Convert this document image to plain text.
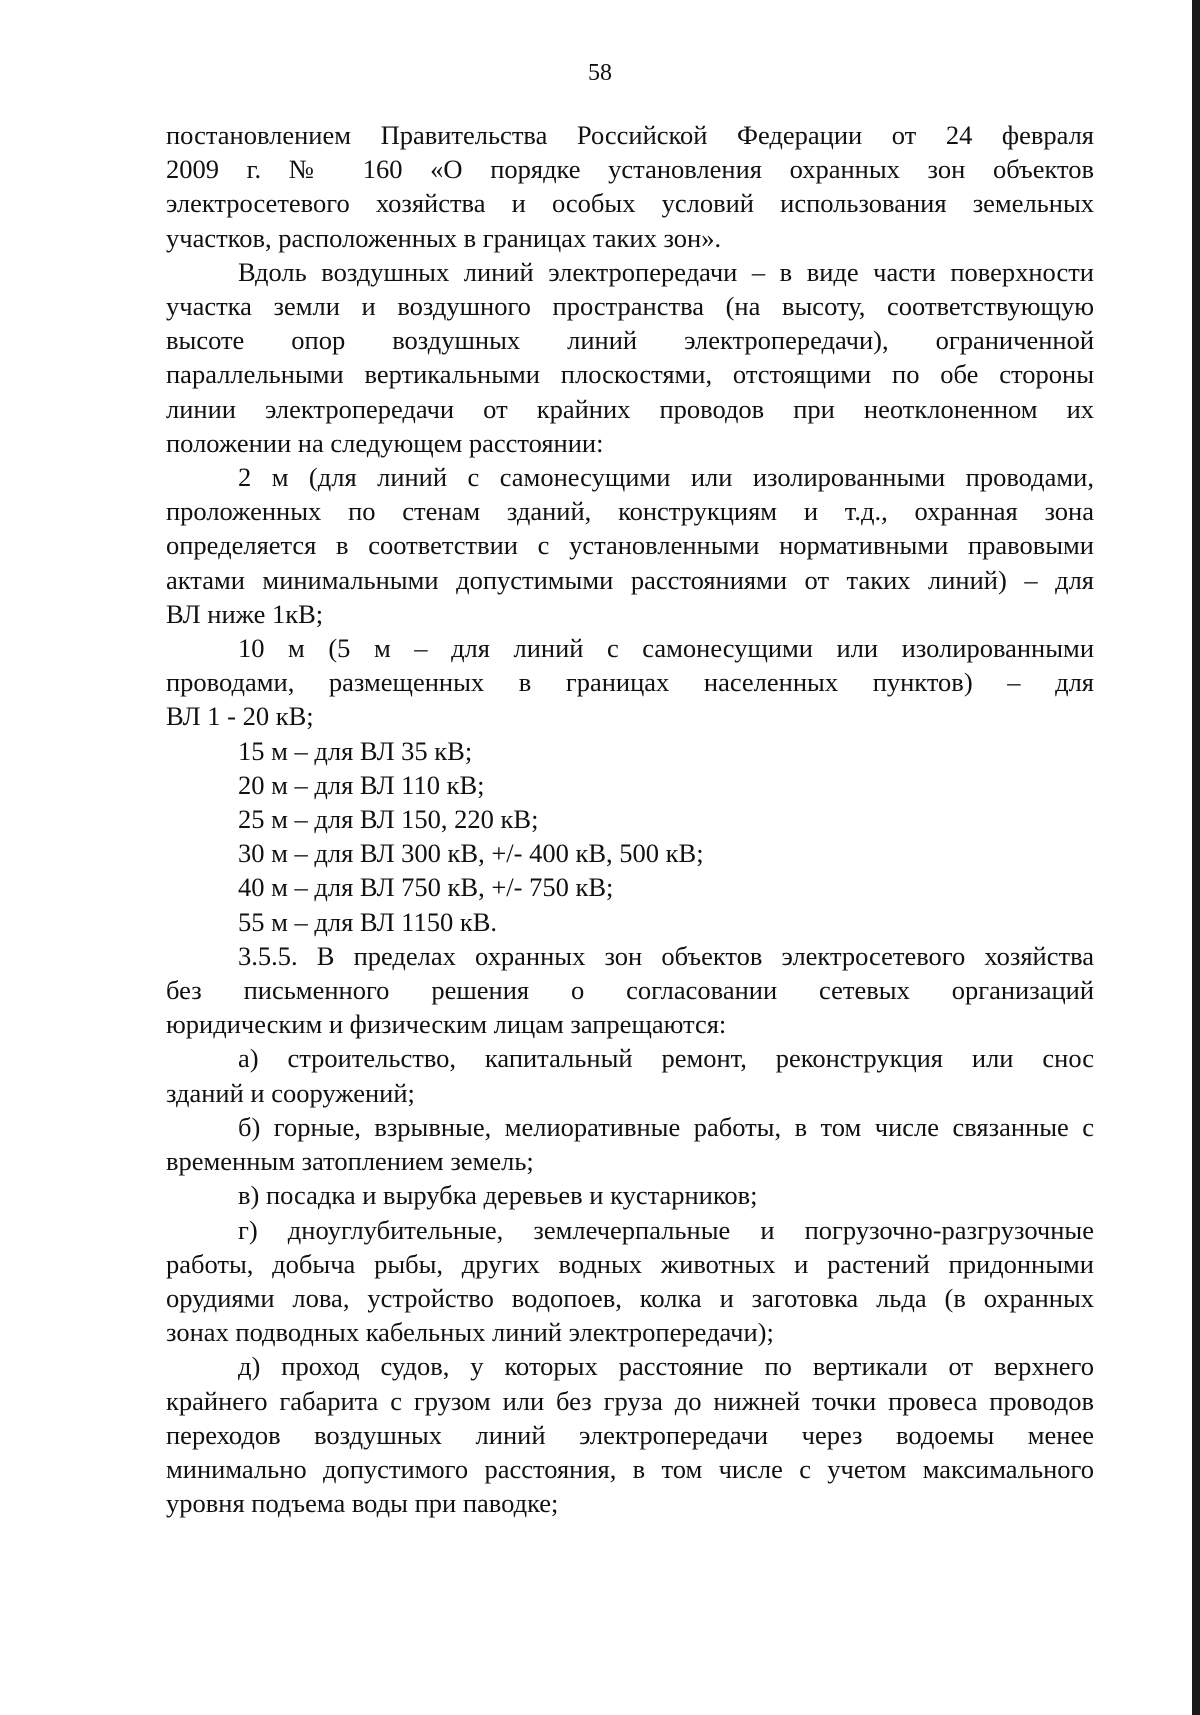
58

постановлением Правительства Российской Федерации от 24 февраля

2009 г. № 160 «О порядке установления охранных зон объектов

электросетевого хозяйства и особых условий использования земельных

участков, расположенных в границах таких зон».

Вдоль воздушных линий электропередачи – в виде части поверхности

участка земли и воздушного пространства (на высоту, соответствующую

высоте опор воздушных линий электропередачи), ограниченной

параллельными вертикальными плоскостями, отстоящими по обе стороны

линии электропередачи от крайних проводов при неотклоненном их

положении на следующем расстоянии:

2 м (для линий с самонесущими или изолированными проводами,

проложенных по стенам зданий, конструкциям и т.д., охранная зона

определяется в соответствии с установленными нормативными правовыми

актами минимальными допустимыми расстояниями от таких линий) – для

ВЛ ниже 1кВ;

10 м (5 м – для линий с самонесущими или изолированными

проводами, размещенных в границах населенных пунктов) – для

ВЛ 1 - 20 кВ;

15 м – для ВЛ 35 кВ;

20 м – для ВЛ 110 кВ;

25 м – для ВЛ 150, 220 кВ;

30 м – для ВЛ 300 кВ, +/- 400 кВ, 500 кВ;

40 м – для ВЛ 750 кВ, +/- 750 кВ;

55 м – для ВЛ 1150 кВ.

3.5.5. В пределах охранных зон объектов электросетевого хозяйства

без письменного решения о согласовании сетевых организаций

юридическим и физическим лицам запрещаются:

а) строительство, капитальный ремонт, реконструкция или снос

зданий и сооружений;

б) горные, взрывные, мелиоративные работы, в том числе связанные с

временным затоплением земель;

в) посадка и вырубка деревьев и кустарников;

г) дноуглубительные, землечерпальные и погрузочно-разгрузочные

работы, добыча рыбы, других водных животных и растений придонными

орудиями лова, устройство водопоев, колка и заготовка льда (в охранных

зонах подводных кабельных линий электропередачи);

д) проход судов, у которых расстояние по вертикали от верхнего

крайнего габарита с грузом или без груза до нижней точки провеса проводов

переходов воздушных линий электропередачи через водоемы менее

минимально допустимого расстояния, в том числе с учетом максимального

уровня подъема воды при паводке;
